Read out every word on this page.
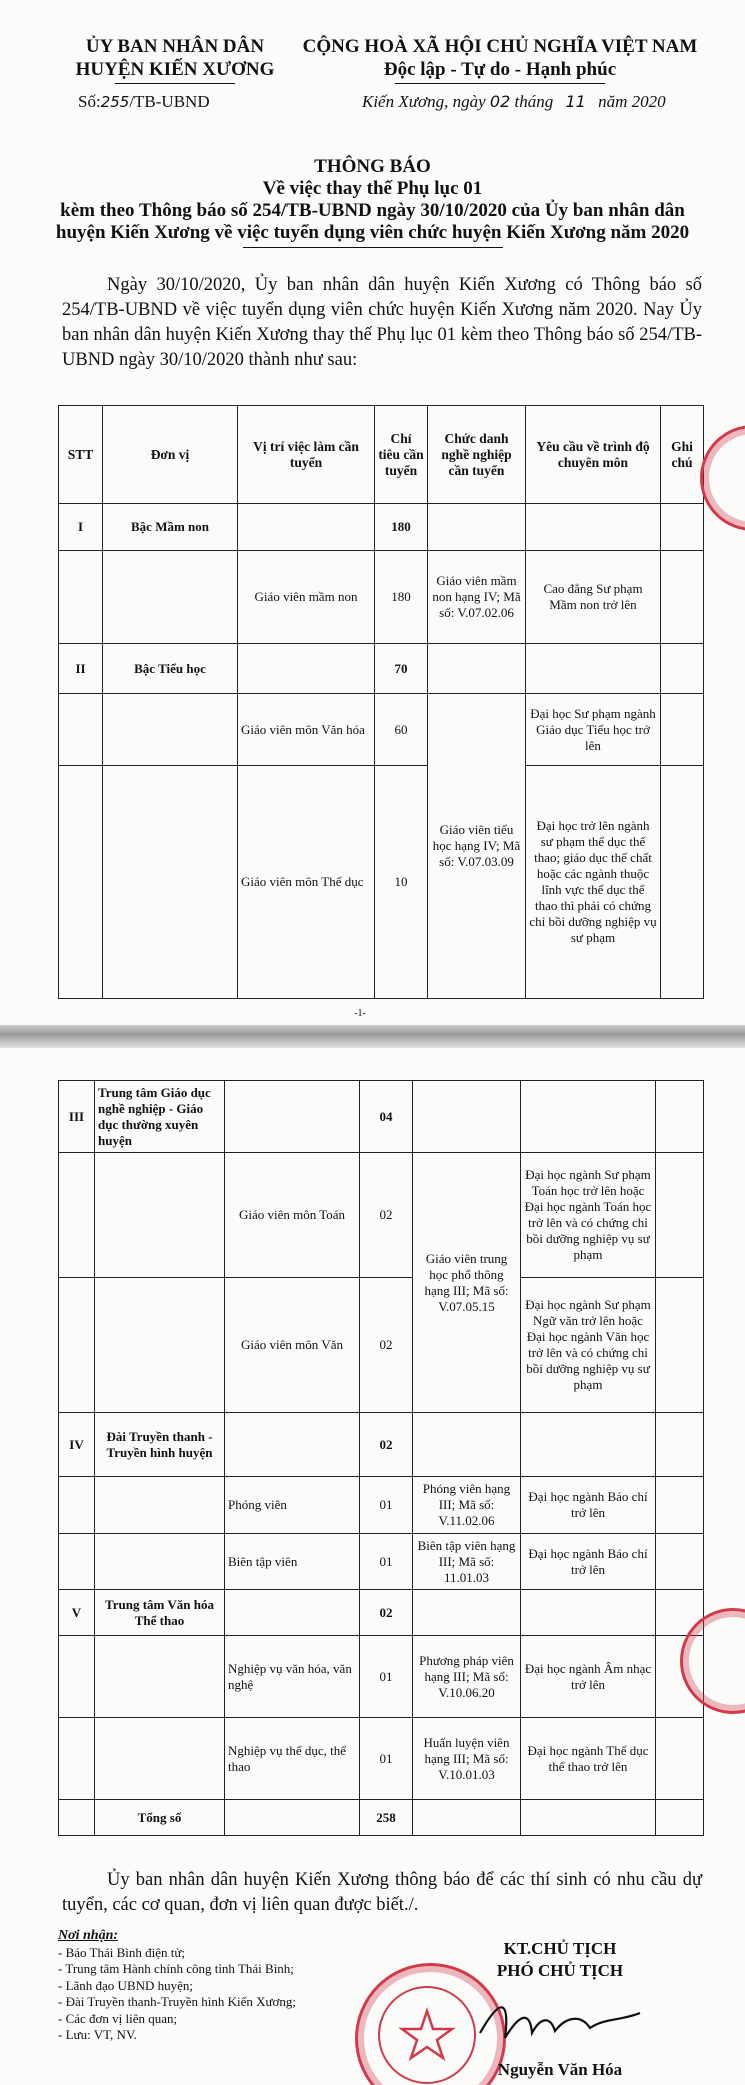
ỦY BAN NHÂN DÂN
HUYỆN KIẾN XƯƠNG
CỘNG HOÀ XÃ HỘI CHỦ NGHĨA VIỆT NAM
Độc lập - Tự do - Hạnh phúc
Số:255/TB-UBND	Kiến Xương, ngày 02 tháng 11 năm 2020
THÔNG BÁO
Về việc thay thế Phụ lục 01
kèm theo Thông báo số 254/TB-UBND ngày 30/10/2020 của Ủy ban nhân dân
huyện Kiến Xương về việc tuyển dụng viên chức huyện Kiến Xương năm 2020
Ngày 30/10/2020, Ủy ban nhân dân huyện Kiến Xương có Thông báo số 254/TB-UBND về việc tuyển dụng viên chức huyện Kiến Xương năm 2020. Nay Ủy ban nhân dân huyện Kiến Xương thay thế Phụ lục 01 kèm theo Thông báo số 254/TB-UBND ngày 30/10/2020 thành như sau:
STT	Đơn vị	Vị trí việc làm cần tuyển	Chỉ tiêu cần tuyển	Chức danh nghề nghiệp cần tuyển	Yêu cầu về trình độ chuyên môn	Ghi chú
I	Bậc Mầm non		180			
		Giáo viên mầm non	180	Giáo viên mầm non hạng IV; Mã số: V.07.02.06	Cao đẳng Sư phạm Mầm non trở lên	
II	Bậc Tiểu học		70			
		Giáo viên môn Văn hóa	60	Giáo viên tiểu học hạng IV; Mã số: V.07.03.09	Đại học Sư phạm ngành Giáo dục Tiểu học trở lên	
		Giáo viên môn Thể dục	10		Đại học trở lên ngành sư phạm thể dục thể thao; giáo dục thể chất hoặc các ngành thuộc lĩnh vực thể dục thể thao thì phải có chứng chỉ bồi dưỡng nghiệp vụ sư phạm	
-1-
III	Trung tâm Giáo dục nghề nghiệp - Giáo dục thường xuyên huyện		04			
		Giáo viên môn Toán	02	Giáo viên trung học phổ thông hạng III; Mã số: V.07.05.15	Đại học ngành Sư phạm Toán học trở lên hoặc Đại học ngành Toán học trở lên và có chứng chỉ bồi dưỡng nghiệp vụ sư phạm	
		Giáo viên môn Văn	02		Đại học ngành Sư phạm Ngữ văn trở lên hoặc Đại học ngành Văn học trở lên và có chứng chỉ bồi dưỡng nghiệp vụ sư phạm	
IV	Đài Truyền thanh - Truyền hình huyện		02			
		Phóng viên	01	Phóng viên hạng III; Mã số: V.11.02.06	Đại học ngành Báo chí trở lên	
		Biên tập viên	01	Biên tập viên hạng III; Mã số: 11.01.03	Đại học ngành Báo chí trở lên	
V	Trung tâm Văn hóa Thể thao		02			
		Nghiệp vụ văn hóa, văn nghệ	01	Phương pháp viên hạng III; Mã số: V.10.06.20	Đại học ngành Âm nhạc trở lên	
		Nghiệp vụ thể dục, thể thao	01	Huấn luyện viên hạng III; Mã số: V.10.01.03	Đại học ngành Thể dục thể thao trở lên	
	Tổng số		258			
Ủy ban nhân dân huyện Kiến Xương thông báo để các thí sinh có nhu cầu dự tuyển, các cơ quan, đơn vị liên quan được biết./.
Nơi nhận:
- Báo Thái Bình điện tử;
- Trung tâm Hành chính công tỉnh Thái Bình;
- Lãnh đạo UBND huyện;
- Đài Truyền thanh-Truyền hình Kiến Xương;
- Các đơn vị liên quan;
- Lưu: VT, NV.
KT.CHỦ TỊCH
PHÓ CHỦ TỊCH
Nguyễn Văn Hóa
